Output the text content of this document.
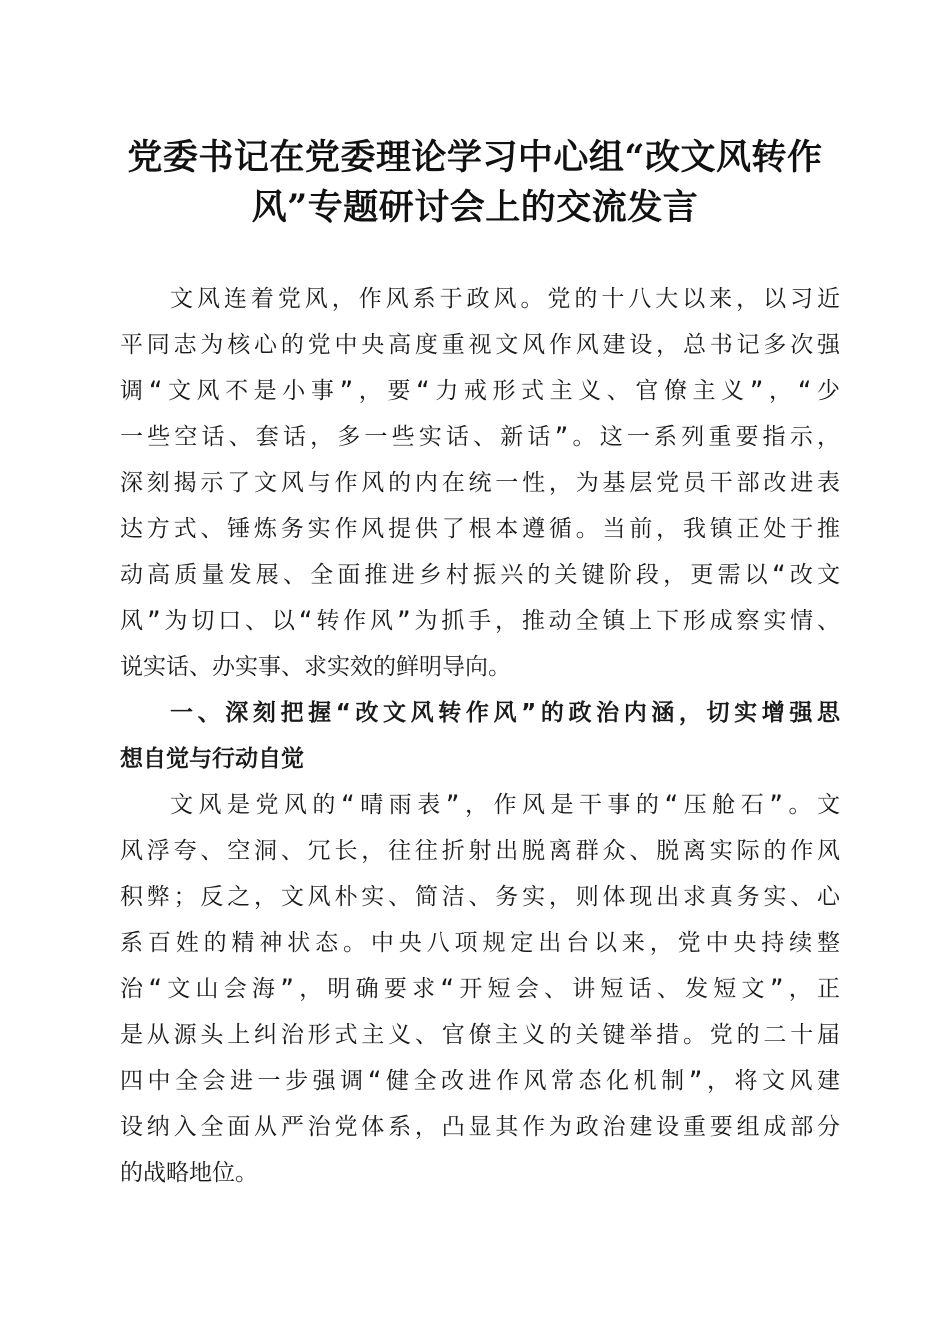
党委书记在党委理论学习中心组“改文风转作
风”专题研讨会上的交流发言
文风连着党风，作风系于政风。党的十八大以来，以习近
平同志为核心的党中央高度重视文风作风建设，总书记多次强
调“文风不是小事”，要“力戒形式主义、官僚主义”，“少
一些空话、套话，多一些实话、新话”。这一系列重要指示，
深刻揭示了文风与作风的内在统一性，为基层党员干部改进表
达方式、锤炼务实作风提供了根本遵循。当前，我镇正处于推
动高质量发展、全面推进乡村振兴的关键阶段，更需以“改文
风”为切口、以“转作风”为抓手，推动全镇上下形成察实情、
说实话、办实事、求实效的鲜明导向。
一、深刻把握“改文风转作风”的政治内涵，切实增强思
想自觉与行动自觉
文风是党风的“晴雨表”，作风是干事的“压舱石”。文
风浮夸、空洞、冗长，往往折射出脱离群众、脱离实际的作风
积弊；反之，文风朴实、简洁、务实，则体现出求真务实、心
系百姓的精神状态。中央八项规定出台以来，党中央持续整
治“文山会海”，明确要求“开短会、讲短话、发短文”，正
是从源头上纠治形式主义、官僚主义的关键举措。党的二十届
四中全会进一步强调“健全改进作风常态化机制”，将文风建
设纳入全面从严治党体系，凸显其作为政治建设重要组成部分
的战略地位。
